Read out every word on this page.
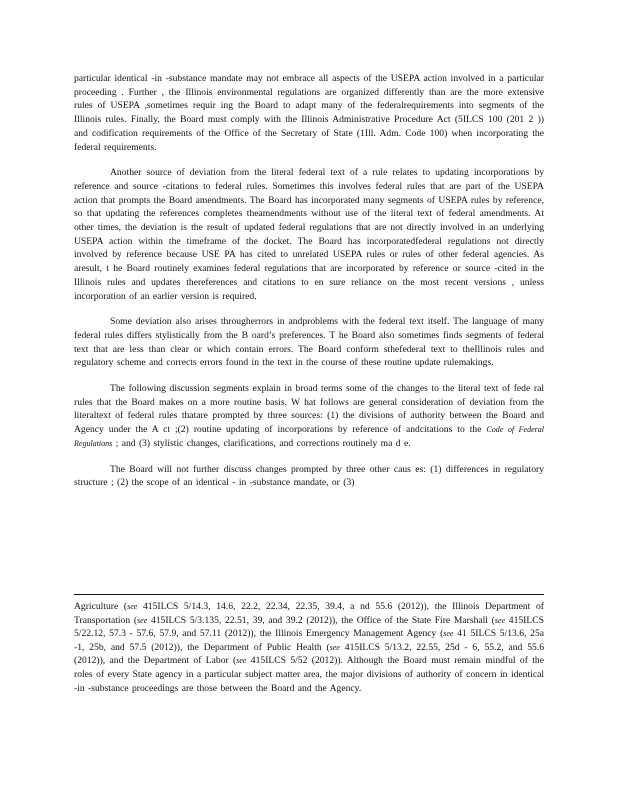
particular identical -in -substance mandate may not embrace all aspects of the USEPA action involved in a particular proceeding . Further , the Illinois environmental regulations are organized differently than are the more extensive rules of USEPA ,sometimes requir ing the Board to adapt many of the federalrequirements into segments of the Illinois rules. Finally, the Board must comply with the Illinois Administrative Procedure Act (5ILCS 100 (201 2 )) and codification requirements of the Office of the Secretary of State (1Ill. Adm. Code 100) when incorporating the federal requirements.

Another source of deviation from the literal federal text of a rule relates to updating incorporations by reference and source -citations to federal rules. Sometimes this involves federal rules that are part of the USEPA action that prompts the Board amendments. The Board has incorporated many segments of USEPA rules by reference, so that updating the references completes theamendments without use of the literal text of federal amendments. At other times, the deviation is the result of updated federal regulations that are not directly involved in an underlying USEPA action within the timeframe of the docket. The Board has incorporatedfederal regulations not directly involved by reference because USE PA has cited to unrelated USEPA rules or rules of other federal agencies. As aresult, t he Board routinely examines federal regulations that are incorporated by reference or source -cited in the Illinois rules and updates thereferences and citations to en sure reliance on the most recent versions , unless incorporation of an earlier version is required.

Some deviation also arises througherrors in andproblems with the federal text itself. The language of many federal rules differs stylistically from the B oard’s preferences. T he Board also sometimes finds segments of federal text that are less than clear or which contain errors. The Board conform sthefederal text to theIllinois rules and regulatory scheme and corrects errors found in the text in the course of these routine update rulemakings.

The following discussion segments explain in broad terms some of the changes to the literal text of fede ral rules that the Board makes on a more routine basis. W hat follows are general consideration of deviation from the literaltext of federal rules thatare prompted by three sources: (1) the divisions of authority between the Board and Agency under the A ct ;(2) routine updating of incorporations by reference of andcitations to the Code of Federal Regulations ; and (3) stylistic changes, clarifications, and corrections routinely ma d e.

The Board will not further discuss changes prompted by three other caus es: (1) differences in regulatory structure ; (2) the scope of an identical - in -substance mandate, or (3)

Agriculture (see 415ILCS 5/14.3, 14.6, 22.2, 22.34, 22.35, 39.4, a nd 55.6 (2012)), the Illinois Department of Transportation (see 415ILCS 5/3.135, 22.51, 39, and 39.2 (2012)), the Office of the State Fire Marshall (see 415ILCS 5/22.12, 57.3 - 57.6, 57.9, and 57.11 (2012)), the Illinois Emergency Management Agency (see 41 5ILCS 5/13.6, 25a -1, 25b, and 57.5 (2012)), the Department of Public Health (see 415ILCS 5/13.2, 22.55, 25d - 6, 55.2, and 55.6 (2012)), and the Department of Labor (see 415ILCS 5/52 (2012)). Although the Board must remain mindful of the roles of every State agency in a particular subject matter area, the major divisions of authority of concern in identical -in -substance proceedings are those between the Board and the Agency.
